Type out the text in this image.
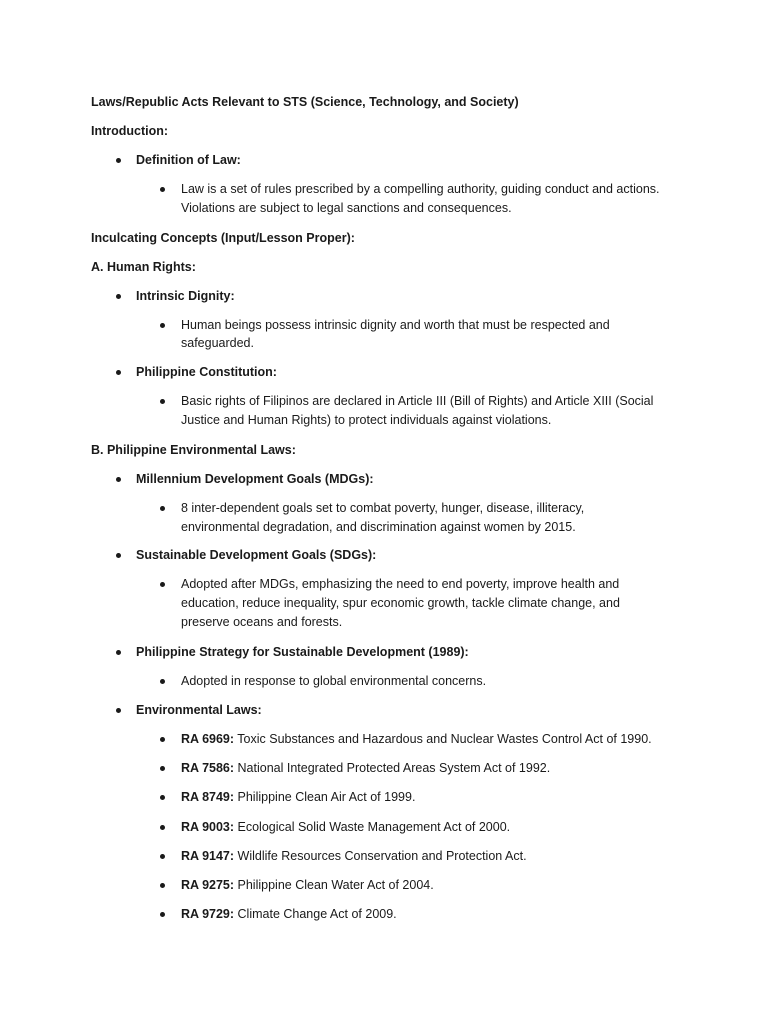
Laws/Republic Acts Relevant to STS (Science, Technology, and Society)
Introduction:
Definition of Law:
Law is a set of rules prescribed by a compelling authority, guiding conduct and actions.
Violations are subject to legal sanctions and consequences.
Inculcating Concepts (Input/Lesson Proper):
A. Human Rights:
Intrinsic Dignity:
Human beings possess intrinsic dignity and worth that must be respected and
safeguarded.
Philippine Constitution:
Basic rights of Filipinos are declared in Article III (Bill of Rights) and Article XIII (Social
Justice and Human Rights) to protect individuals against violations.
B. Philippine Environmental Laws:
Millennium Development Goals (MDGs):
8 inter-dependent goals set to combat poverty, hunger, disease, illiteracy,
environmental degradation, and discrimination against women by 2015.
Sustainable Development Goals (SDGs):
Adopted after MDGs, emphasizing the need to end poverty, improve health and
education, reduce inequality, spur economic growth, tackle climate change, and
preserve oceans and forests.
Philippine Strategy for Sustainable Development (1989):
Adopted in response to global environmental concerns.
Environmental Laws:
RA 6969: Toxic Substances and Hazardous and Nuclear Wastes Control Act of 1990.
RA 7586: National Integrated Protected Areas System Act of 1992.
RA 8749: Philippine Clean Air Act of 1999.
RA 9003: Ecological Solid Waste Management Act of 2000.
RA 9147: Wildlife Resources Conservation and Protection Act.
RA 9275: Philippine Clean Water Act of 2004.
RA 9729: Climate Change Act of 2009.
